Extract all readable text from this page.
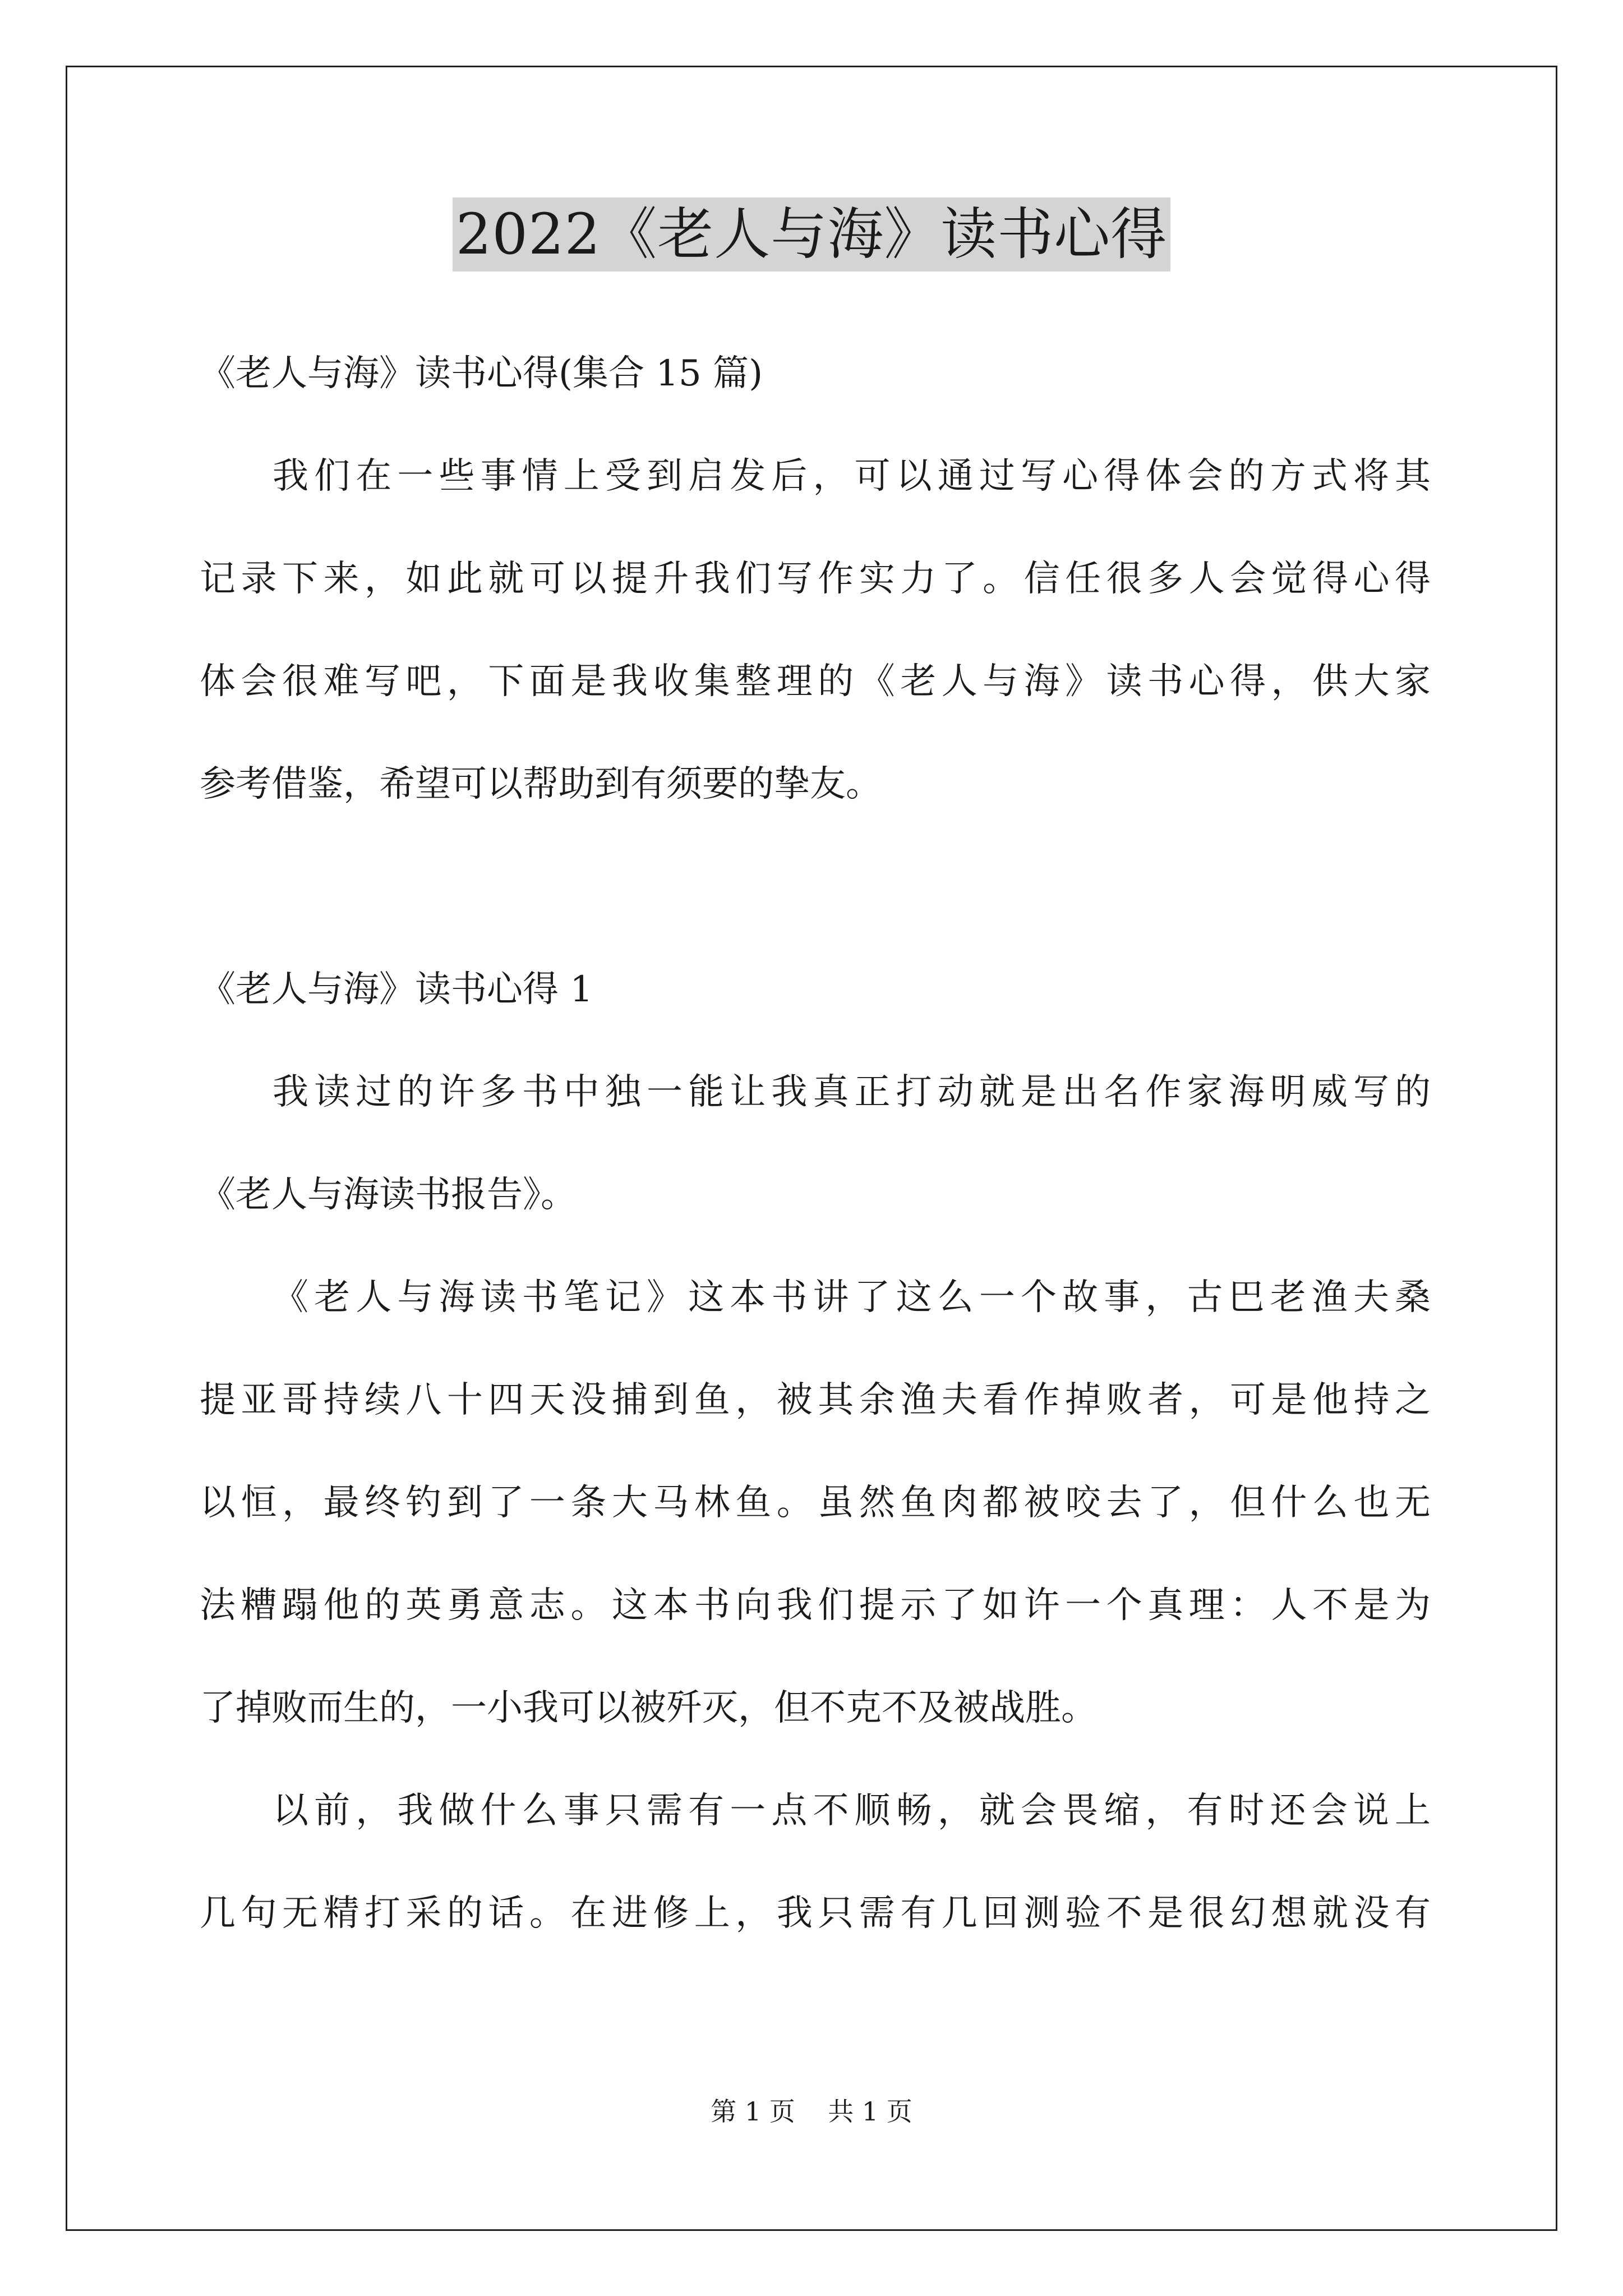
2022《老人与海》读书心得
《老人与海》读书心得(集合 15 篇)
我们在一些事情上受到启发后，可以通过写心得体会的方式将其
记录下来，如此就可以提升我们写作实力了。信任很多人会觉得心得
体会很难写吧，下面是我收集整理的《老人与海》读书心得，供大家
参考借鉴，希望可以帮助到有须要的挚友。
《老人与海》读书心得 1
我读过的许多书中独一能让我真正打动就是出名作家海明威写的
《老人与海读书报告》。
《老人与海读书笔记》这本书讲了这么一个故事，古巴老渔夫桑
提亚哥持续八十四天没捕到鱼，被其余渔夫看作掉败者，可是他持之
以恒，最终钓到了一条大马林鱼。虽然鱼肉都被咬去了，但什么也无
法糟蹋他的英勇意志。这本书向我们提示了如许一个真理：人不是为
了掉败而生的，一小我可以被歼灭，但不克不及被战胜。
以前，我做什么事只需有一点不顺畅，就会畏缩，有时还会说上
几句无精打采的话。在进修上，我只需有几回测验不是很幻想就没有
第 1 页    共 1 页
